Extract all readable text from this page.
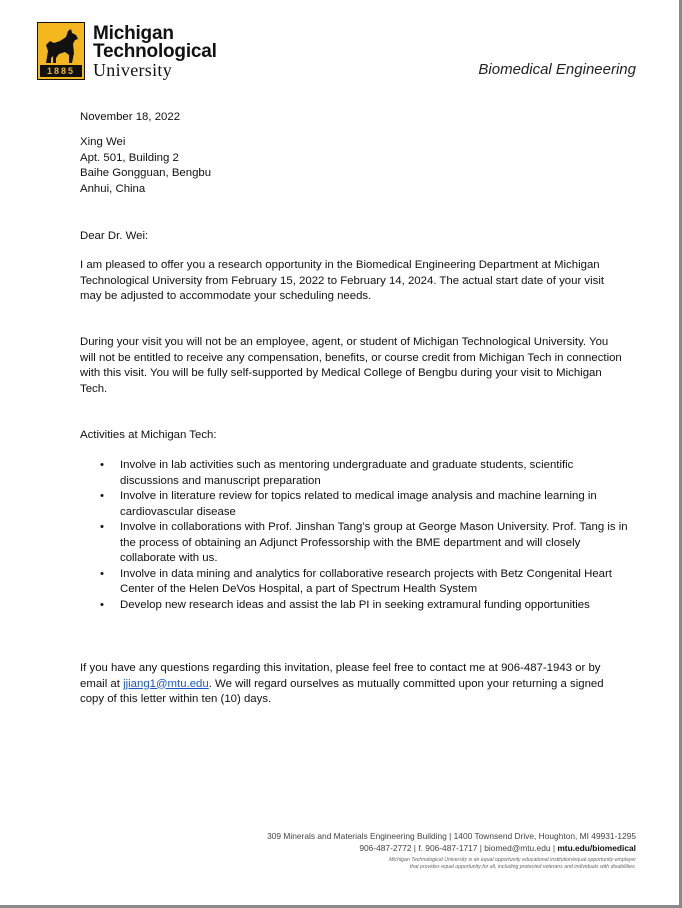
1885
Michigan
Technological
University	Biomedical Engineering
November 18, 2022
Xing Wei
Apt. 501, Building 2
Baihe Gongguan, Bengbu
Anhui, China
Dear Dr. Wei:
I am pleased to offer you a research opportunity in the Biomedical Engineering Department at Michigan Technological University from February 15, 2022 to February 14, 2024. The actual start date of your visit may be adjusted to accommodate your scheduling needs.
During your visit you will not be an employee, agent, or student of Michigan Technological University. You will not be entitled to receive any compensation, benefits, or course credit from Michigan Tech in connection with this visit. You will be fully self-supported by Medical College of Bengbu during your visit to Michigan Tech.
Activities at Michigan Tech:
• Involve in lab activities such as mentoring undergraduate and graduate students, scientific discussions and manuscript preparation
• Involve in literature review for topics related to medical image analysis and machine learning in cardiovascular disease
• Involve in collaborations with Prof. Jinshan Tang’s group at George Mason University. Prof. Tang is in the process of obtaining an Adjunct Professorship with the BME department and will closely collaborate with us.
• Involve in data mining and analytics for collaborative research projects with Betz Congenital Heart Center of the Helen DeVos Hospital, a part of Spectrum Health System
• Develop new research ideas and assist the lab PI in seeking extramural funding opportunities
If you have any questions regarding this invitation, please feel free to contact me at 906-487-1943 or by email at jjiang1@mtu.edu. We will regard ourselves as mutually committed upon your returning a signed copy of this letter within ten (10) days.
309 Minerals and Materials Engineering Building | 1400 Townsend Drive, Houghton, MI 49931-1295
906-487-2772 | f. 906-487-1717 | biomed@mtu.edu | mtu.edu/biomedical
Michigan Technological University is an equal opportunity educational institution/equal opportunity employer
that provides equal opportunity for all, including protected veterans and individuals with disabilities.
